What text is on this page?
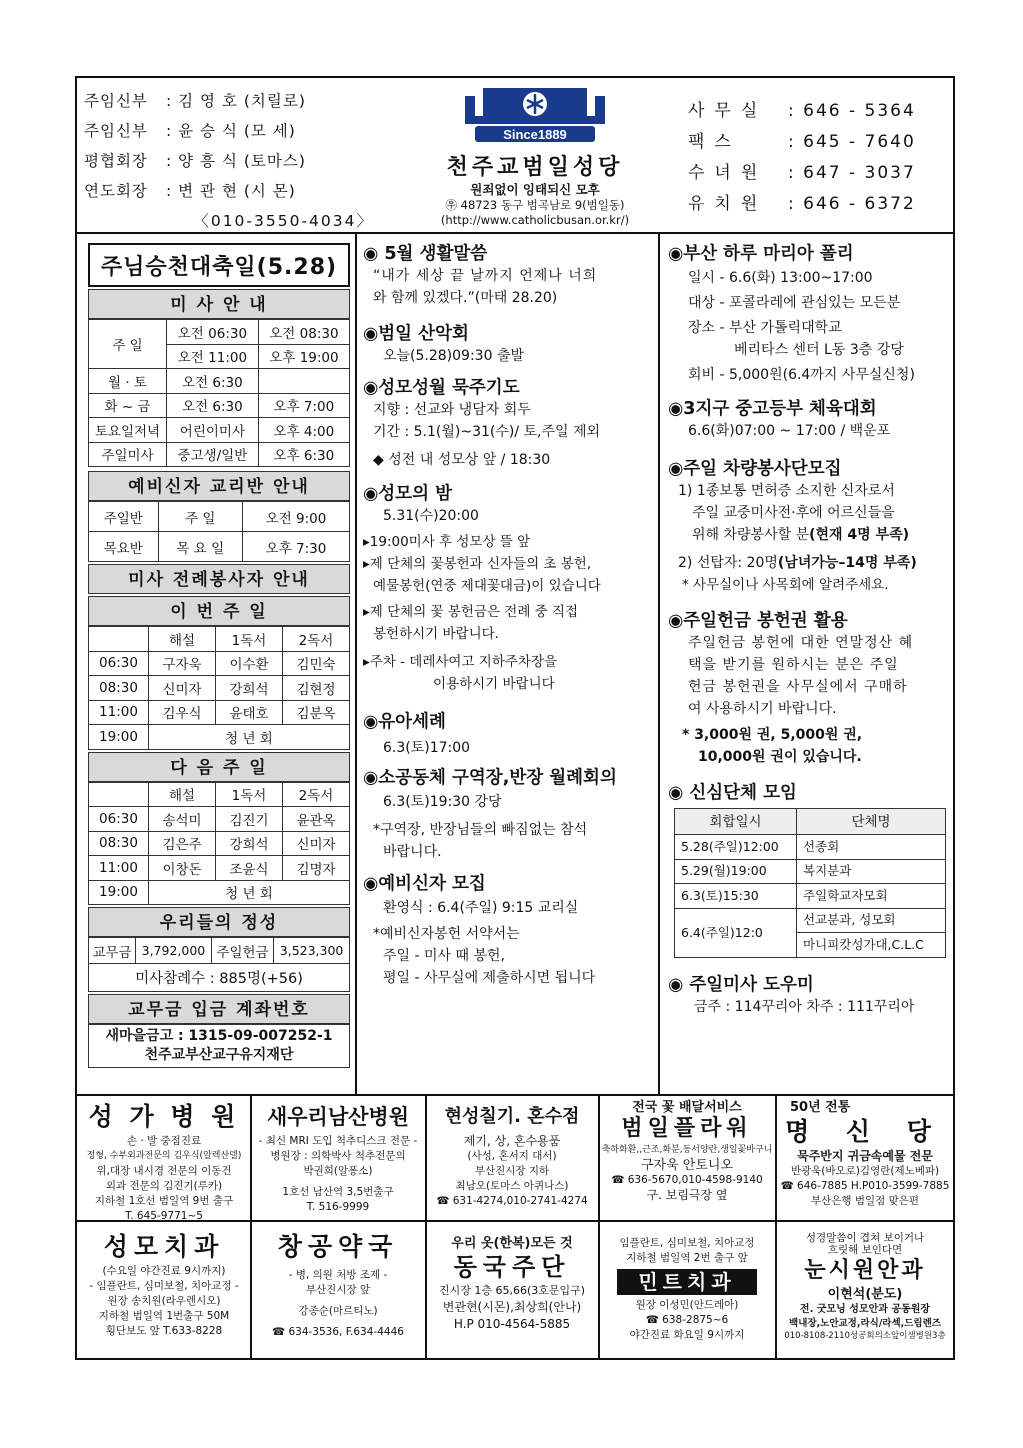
주임신부	: 김 영 호 (치릴로)
주임신부	: 윤 승 식 (모 세)
평협회장	: 양 흥 식 (토마스)
연도회장	: 변 관 현 (시 몬)
〈010-3550-4034〉
Since1889
천주교범일성당
원죄없이 잉태되신 모후
㉾ 48723 동구 범곡남로 9(범일동)
(http://www.catholicbusan.or.kr/)
사무실	: 646 - 5364
팩스	: 645 - 7640
수녀원	: 647 - 3037
유치원	: 646 - 6372
주님승천대축일(5.28)
미 사 안 내
주 일	오전 06:30	오전 08:30
	오전 11:00	오후 19:00
월 · 토	오전 6:30	
화 ~ 금	오전 6:30	오후 7:00
토요일저녁	어린이미사	오후 4:00
주일미사	중고생/일반	오후 6:30
예비신자 교리반 안내
주일반	주 일	오전 9:00
목요반	목 요 일	오후 7:30
미사 전례봉사자 안내
이 번 주 일
	해설	1독서	2독서
06:30	구자욱	이수환	김민숙
08:30	신미자	강희석	김현정
11:00	김우식	윤태호	김분옥
19:00	청 년 회		
다 음 주 일
	해설	1독서	2독서
06:30	송석미	김진기	윤관옥
08:30	김은주	강희석	신미자
11:00	이창돈	조윤식	김명자
19:00	청 년 회		
우리들의 정성
교무금	3,792,000	주일헌금	3,523,300
미사참례수 : 885명(+56)
교무금 입금 계좌번호
새마을금고 : 1315-09-007252-1
천주교부산교구유지재단
◉ 5월 생활말씀
“내가 세상 끝 날까지 언제나 너희
와 함께 있겠다.”(마태 28.20)
◉범일 산악회
오늘(5.28)09:30 출발
◉성모성월 묵주기도
지향 : 선교와 냉담자 회두
기간 : 5.1(월)~31(수)/ 토,주일 제외
◆ 성전 내 성모상 앞 / 18:30
◉성모의 밤
5.31(수)20:00
▸19:00미사 후 성모상 뜰 앞
▸제 단체의 꽃봉헌과 신자들의 초 봉헌,
예물봉헌(연중 제대꽃대금)이 있습니다
▸제 단체의 꽃 봉헌금은 전례 중 직접
봉헌하시기 바랍니다.
▸주차 - 데레사여고 지하주차장을
이용하시기 바랍니다
◉유아세례
6.3(토)17:00
◉소공동체 구역장,반장 월례회의
6.3(토)19:30 강당
*구역장, 반장님들의 빠짐없는 참석
바랍니다.
◉예비신자 모집
환영식 : 6.4(주일) 9:15 교리실
*예비신자봉헌 서약서는
주일 - 미사 때 봉헌,
평일 - 사무실에 제출하시면 됩니다
◉부산 하루 마리아 폴리
일시 - 6.6(화) 13:00~17:00
대상 - 포콜라레에 관심있는 모든분
장소 - 부산 가톨릭대학교
베리타스 센터 L동 3층 강당
회비 - 5,000원(6.4까지 사무실신청)
◉3지구 중고등부 체육대회
6.6(화)07:00 ~ 17:00 / 백운포
◉주일 차량봉사단모집
1) 1종보통 면허증 소지한 신자로서
주일 교중미사전·후에 어르신들을
위해 차량봉사할 분(현재 4명 부족)
2) 선탑자: 20명(남녀가능–14명 부족)
* 사무실이나 사목회에 알려주세요.
◉주일헌금 봉헌권 활용
주일헌금 봉헌에 대한 연말정산 혜
택을 받기를 원하시는 분은 주일
헌금 봉헌권을 사무실에서 구매하
여 사용하시기 바랍니다.
* 3,000원 권, 5,000원 권,
10,000원 권이 있습니다.
◉ 신심단체 모임
회합일시	단체명
5.28(주일)12:00	선종회
5.29(월)19:00	복지분과
6.3(토)15:30	주일학교자모회
6.4(주일)12:0	선교분과, 성모회
	마니피캇성가대,C.L.C
◉ 주일미사 도우미
금주 : 114꾸리아 차주 : 111꾸리아
성 가 병 원
손 · 발 중점진료
정형, 수부외과전문의 김우식(알렉산델)
위,대장 내시경 전문의 이동건
외과 전문의 김진기(루카)
지하철 1호선 범일역 9번 출구
T. 645-9771~5
새우리남산병원
- 최신 MRI 도입 척추디스크 전문 -
병원장 : 의학박사 척추전문의
박권희(알퐁소)
1호선 남산역 3,5번출구
T. 516-9999
현성칠기. 혼수점
제기, 상, 혼수용품
(사성, 혼서지 대서)
부산진시장 지하
최남오(토마스 아퀴나스)
☎ 631-4274,010-2741-4274
전국 꽃 배달서비스
범일플라워
축하화환,,근조,화분,동서양란,생일꽃바구니
구자욱 안토니오
☎ 636-5670,010-4598-9140
구. 보림극장 옆
50년 전통
명 신 당
묵주반지 귀금속예물 전문
반광욱(바오로)김영란(제노베파)
☎ 646-7885 H.P010-3599-7885
부산은행 범일점 맞은편
성모치과
(수요일 야간진료 9시까지)
- 임플란트, 심미보철, 치아교정 -
원장 송치원(라우렌시오)
지하철 범일역 1번출구 50M
횡단보도 앞 T.633-8228
창공약국
- 병, 의원 처방 조제 -
부산진시장 앞
강종순(마르티노)
☎ 634-3536, F.634-4446
우리 옷(한복)모든 것
동국주단
진시장 1층 65,66(3호문입구)
변관현(시몬),최상희(안나)
H.P 010-4564-5885
임플란트, 심미보철, 치아교정
지하철 범일역 2번 출구 앞
민트치과
원장 이성민(안드레아)
☎ 638-2875~6
야간진료 화요일 9시까지
성경말씀이 겹쳐 보이거나
흐릿해 보인다면
눈시원안과
이현석(분도)
전. 굿모닝 성모안과 공동원장
백내장,노안교정,라식/라섹,드림렌즈
010-8108-2110성공회의소앞이샘병원3층
